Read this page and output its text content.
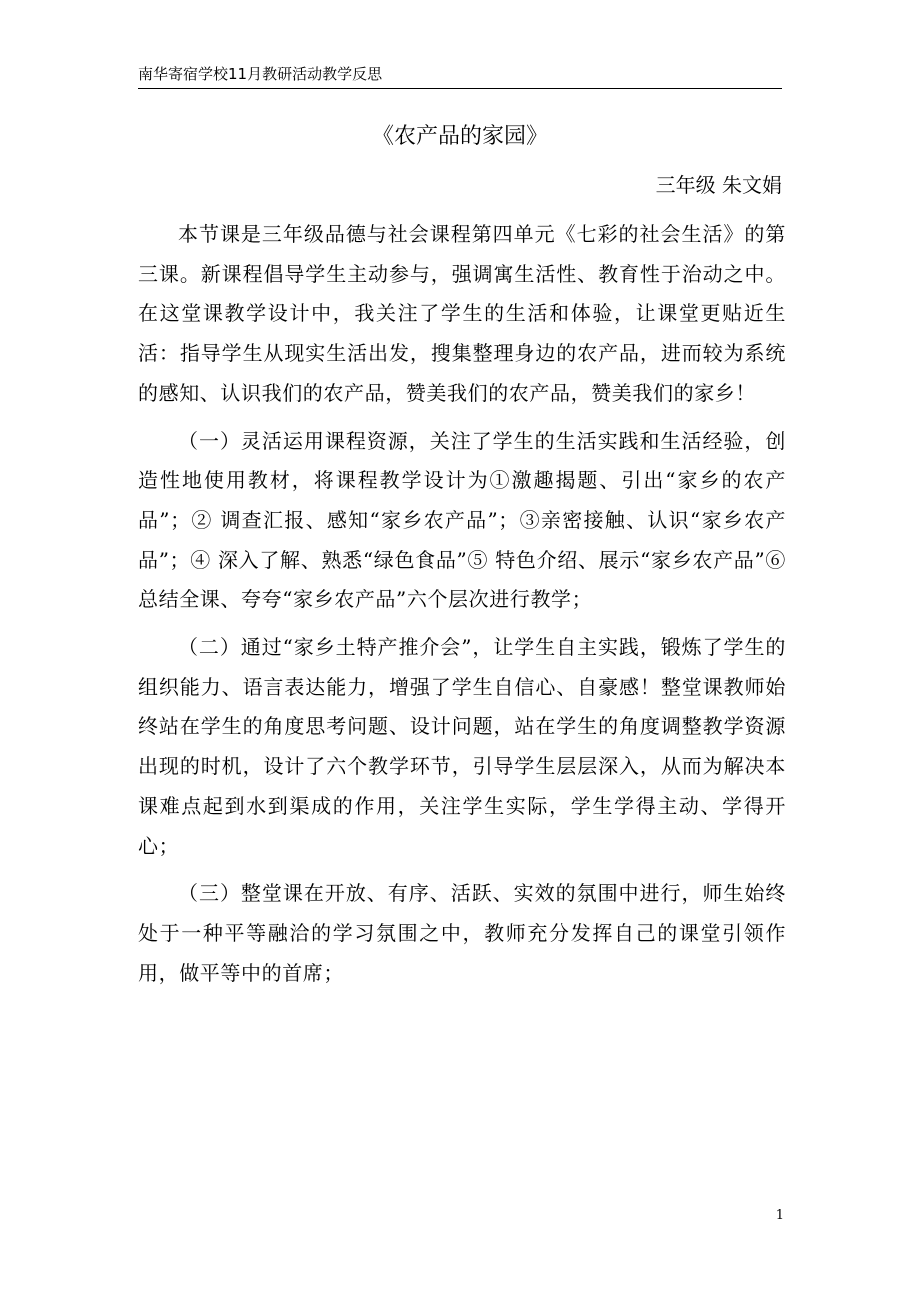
南华寄宿学校11月教研活动教学反思
《农产品的家园》
三年级 朱文娟

本节课是三年级品德与社会课程第四单元《七彩的社会生活》的第三课。新课程倡导学生主动参与，强调寓生活性、教育性于治动之中。在这堂课教学设计中，我关注了学生的生活和体验，让课堂更贴近生活：指导学生从现实生活出发，搜集整理身边的农产品，进而较为系统的感知、认识我们的农产品，赞美我们的农产品，赞美我们的家乡！

（一）灵活运用课程资源，关注了学生的生活实践和生活经验，创造性地使用教材，将课程教学设计为①激趣揭题、引出“家乡的农产品”；② 调查汇报、感知“家乡农产品”；③亲密接触、认识“家乡农产品”；④ 深入了解、熟悉“绿色食品”⑤ 特色介绍、展示“家乡农产品”⑥ 总结全课、夸夸“家乡农产品”六个层次进行教学；

（二）通过“家乡土特产推介会”，让学生自主实践，锻炼了学生的组织能力、语言表达能力，增强了学生自信心、自豪感！整堂课教师始终站在学生的角度思考问题、设计问题，站在学生的角度调整教学资源出现的时机，设计了六个教学环节，引导学生层层深入，从而为解决本课难点起到水到渠成的作用，关注学生实际，学生学得主动、学得开心；

（三）整堂课在开放、有序、活跃、实效的氛围中进行，师生始终处于一种平等融洽的学习氛围之中，教师充分发挥自己的课堂引领作用，做平等中的首席；

1
